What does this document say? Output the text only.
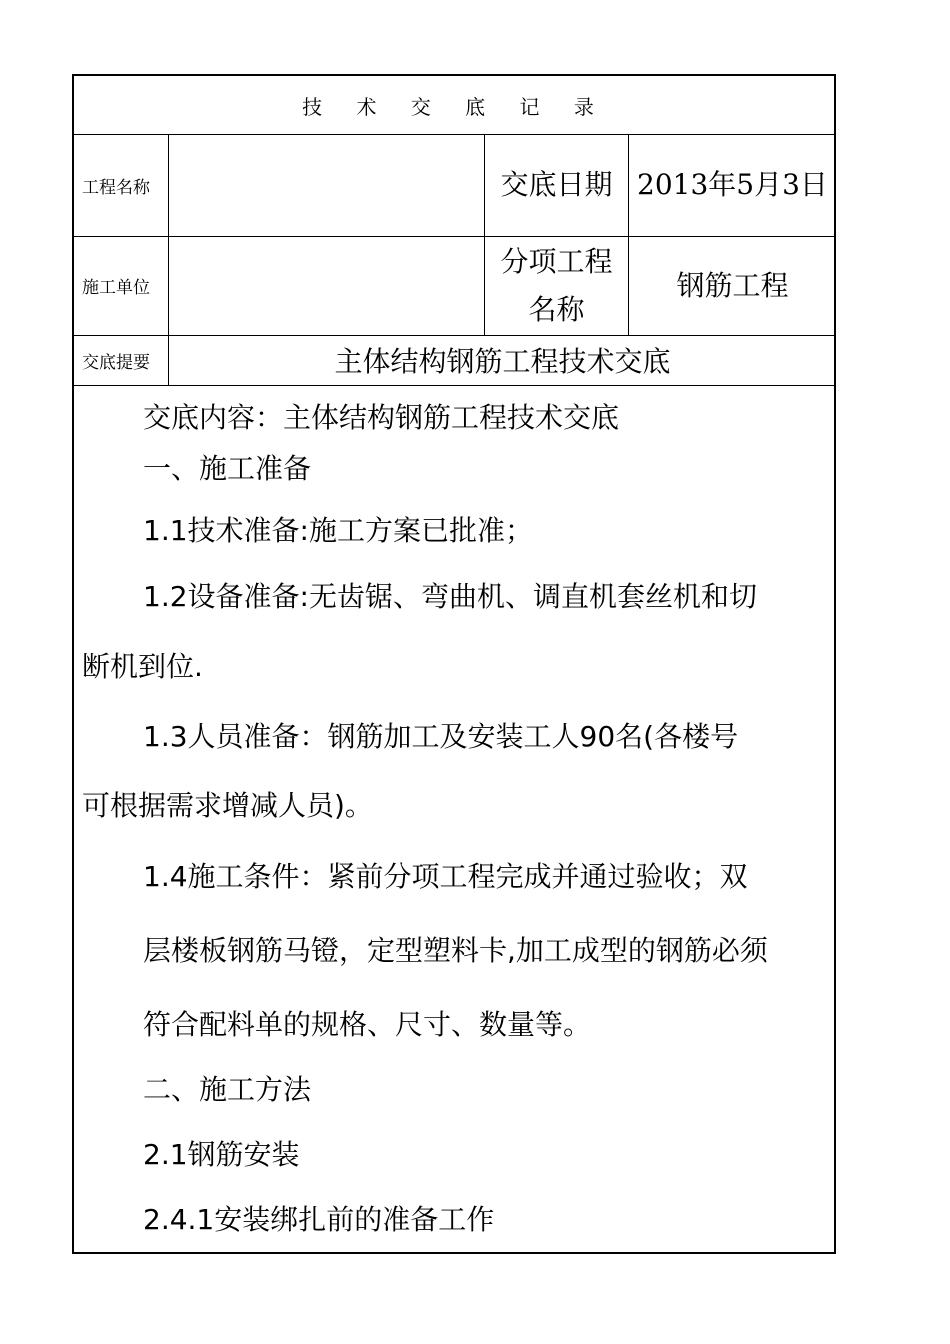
技 术 交 底 记 录
工程名称	交底日期 2013年5月3日
施工单位
分项工程名称
钢筋工程
交底提要	主体结构钢筋工程技术交底
交底内容：主体结构钢筋工程技术交底
一、施工准备
1.1技术准备:施工方案已批准；
1.2设备准备:无齿锯、弯曲机、调直机套丝机和切
断机到位.
1.3人员准备：钢筋加工及安装工人90名(各楼号
可根据需求增减人员)。
1.4施工条件：紧前分项工程完成并通过验收；双
层楼板钢筋马镫，定型塑料卡,加工成型的钢筋必须
符合配料单的规格、尺寸、数量等。
二、施工方法
2.1钢筋安装
2.4.1安装绑扎前的准备工作
